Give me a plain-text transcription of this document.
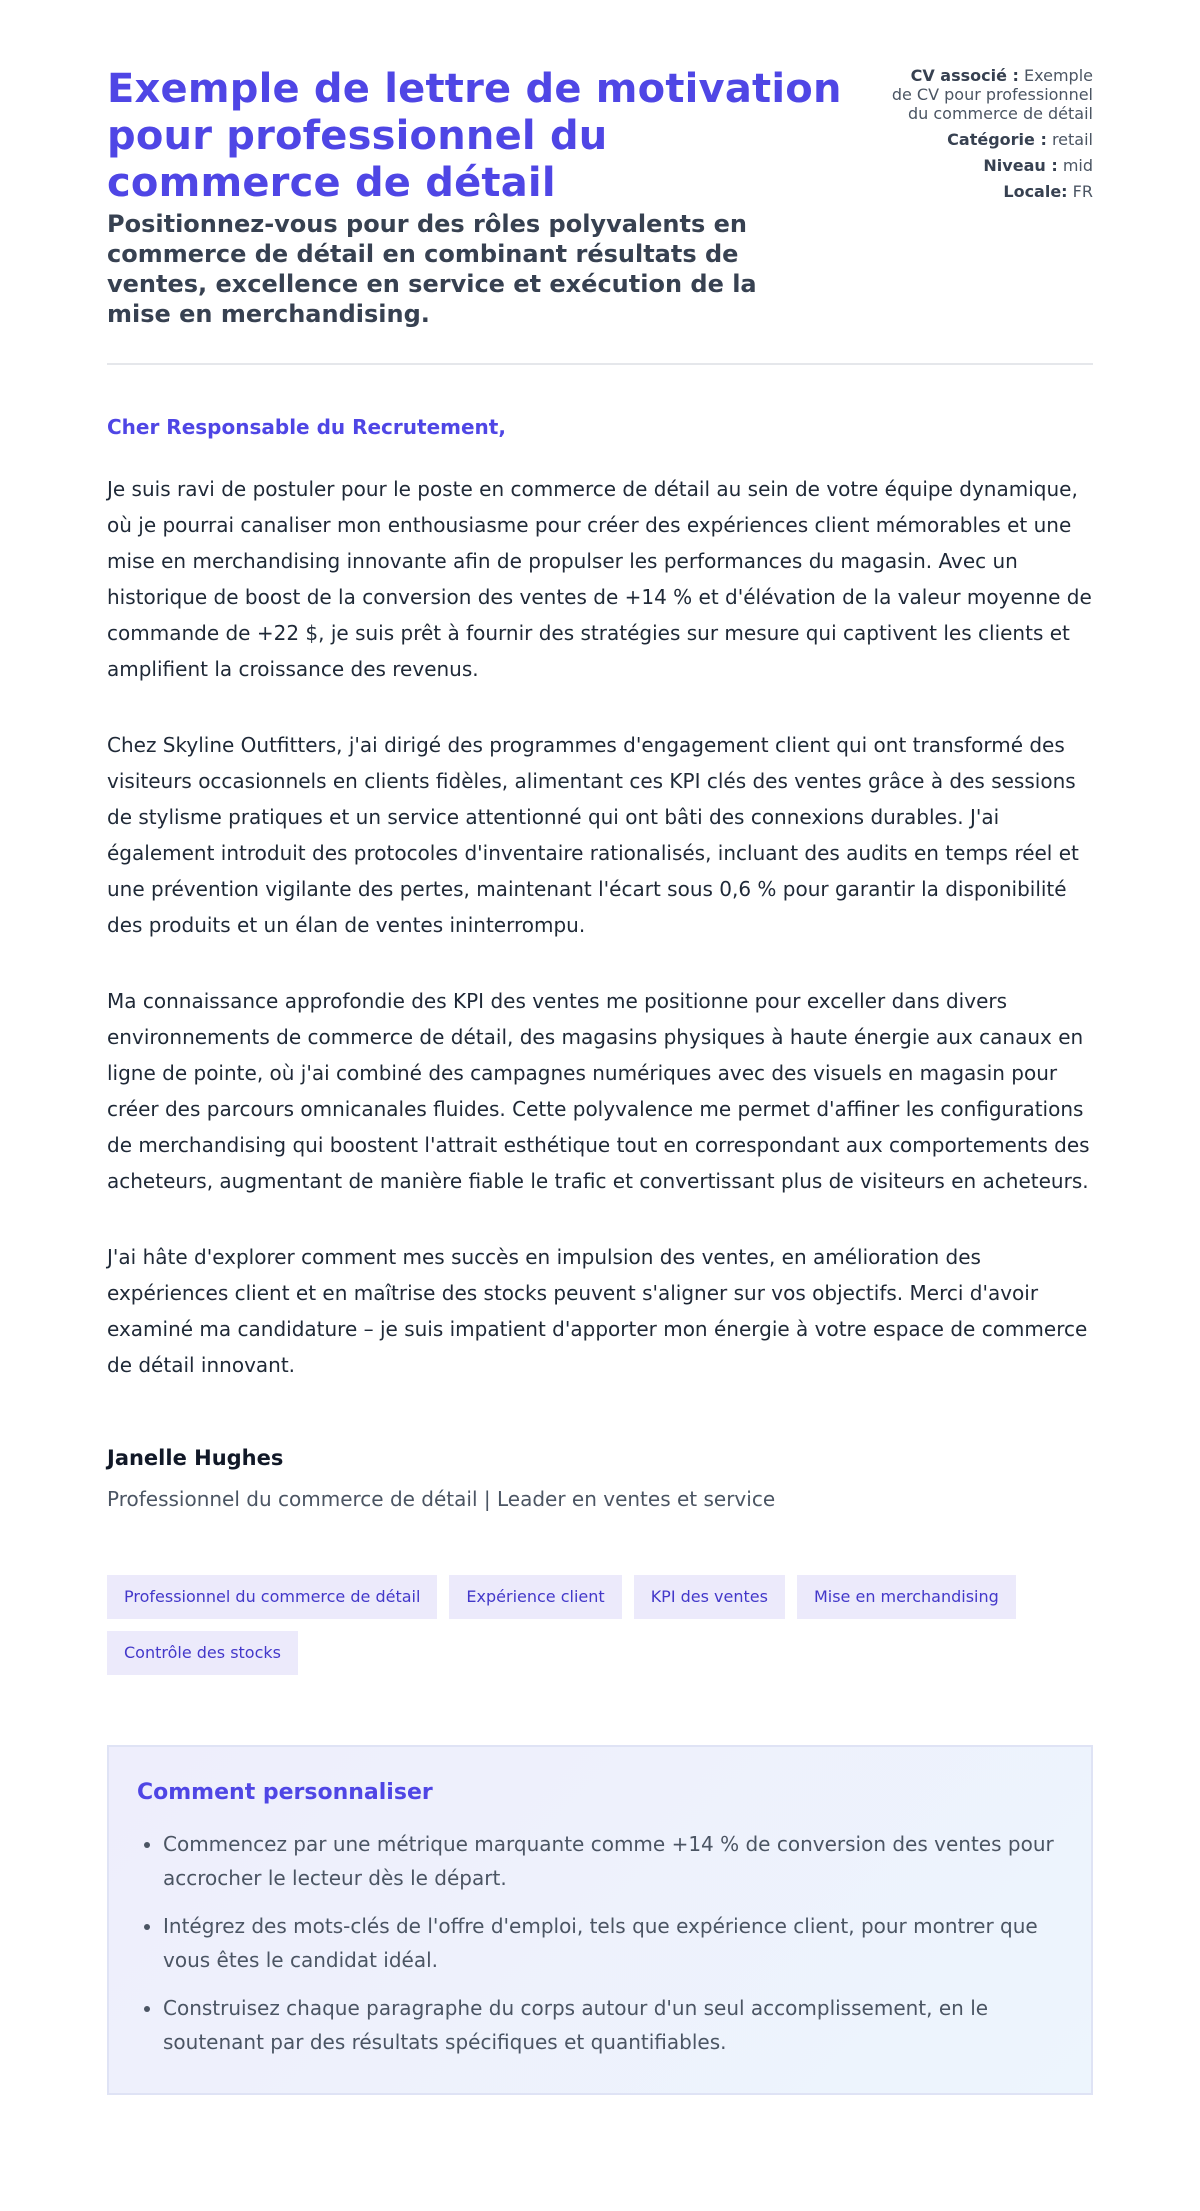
Exemple de lettre de motivation pour professionnel du commerce de détail
Positionnez-vous pour des rôles polyvalents en commerce de détail en combinant résultats de ventes, excellence en service et exécution de la mise en merchandising.
CV associé : Exemple de CV pour professionnel du commerce de détail
Catégorie : retail
Niveau : mid
Locale: FR

Cher Responsable du Recrutement,

Je suis ravi de postuler pour le poste en commerce de détail au sein de votre équipe dynamique, où je pourrai canaliser mon enthousiasme pour créer des expériences client mémorables et une mise en merchandising innovante afin de propulser les performances du magasin. Avec un historique de boost de la conversion des ventes de +14 % et d'élévation de la valeur moyenne de commande de +22 $, je suis prêt à fournir des stratégies sur mesure qui captivent les clients et amplifient la croissance des revenus.

Chez Skyline Outfitters, j'ai dirigé des programmes d'engagement client qui ont transformé des visiteurs occasionnels en clients fidèles, alimentant ces KPI clés des ventes grâce à des sessions de stylisme pratiques et un service attentionné qui ont bâti des connexions durables. J'ai également introduit des protocoles d'inventaire rationalisés, incluant des audits en temps réel et une prévention vigilante des pertes, maintenant l'écart sous 0,6 % pour garantir la disponibilité des produits et un élan de ventes ininterrompu.

Ma connaissance approfondie des KPI des ventes me positionne pour exceller dans divers environnements de commerce de détail, des magasins physiques à haute énergie aux canaux en ligne de pointe, où j'ai combiné des campagnes numériques avec des visuels en magasin pour créer des parcours omnicanales fluides. Cette polyvalence me permet d'affiner les configurations de merchandising qui boostent l'attrait esthétique tout en correspondant aux comportements des acheteurs, augmentant de manière fiable le trafic et convertissant plus de visiteurs en acheteurs.

J'ai hâte d'explorer comment mes succès en impulsion des ventes, en amélioration des expériences client et en maîtrise des stocks peuvent s'aligner sur vos objectifs. Merci d'avoir examiné ma candidature – je suis impatient d'apporter mon énergie à votre espace de commerce de détail innovant.

Janelle Hughes
Professionnel du commerce de détail | Leader en ventes et service
Professionnel du commerce de détail	Expérience client	KPI des ventes	Mise en merchandising
Contrôle des stocks
Comment personnaliser
• Commencez par une métrique marquante comme +14 % de conversion des ventes pour accrocher le lecteur dès le départ.
• Intégrez des mots-clés de l'offre d'emploi, tels que expérience client, pour montrer que vous êtes le candidat idéal.
• Construisez chaque paragraphe du corps autour d'un seul accomplissement, en le soutenant par des résultats spécifiques et quantifiables.
